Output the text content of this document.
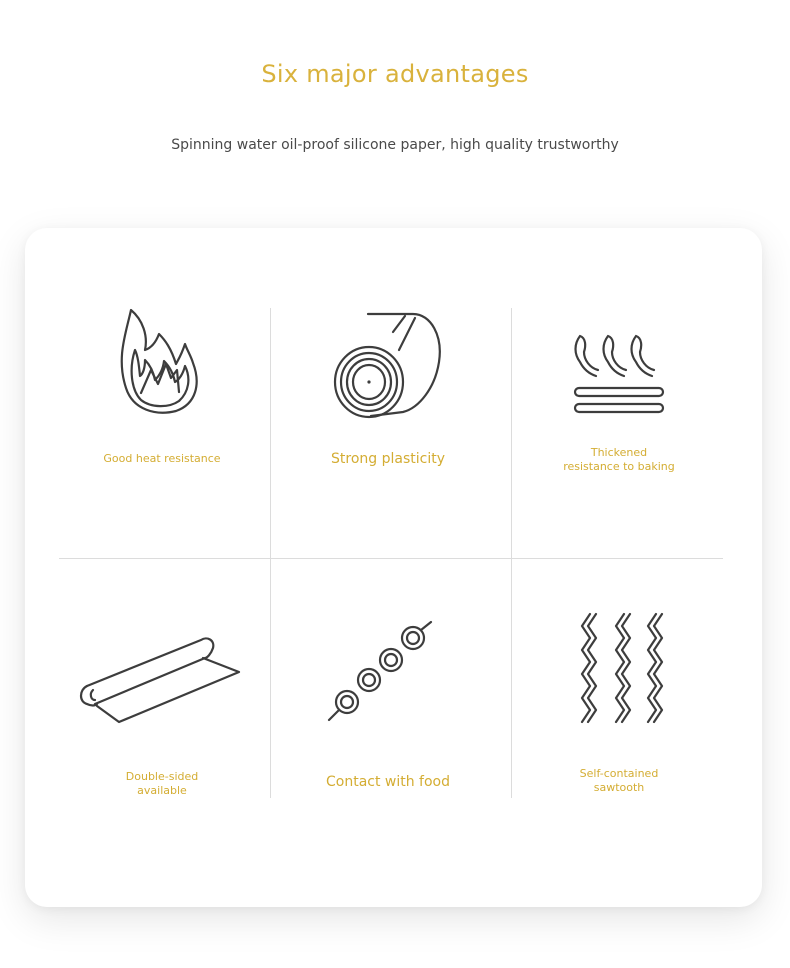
Six major advantages

Spinning water oil-proof silicone paper, high quality trustworthy

Good heat resistance	Strong plasticity	Thickened
resistance to baking
Double-sided
available
Contact with food
Self-contained
sawtooth
